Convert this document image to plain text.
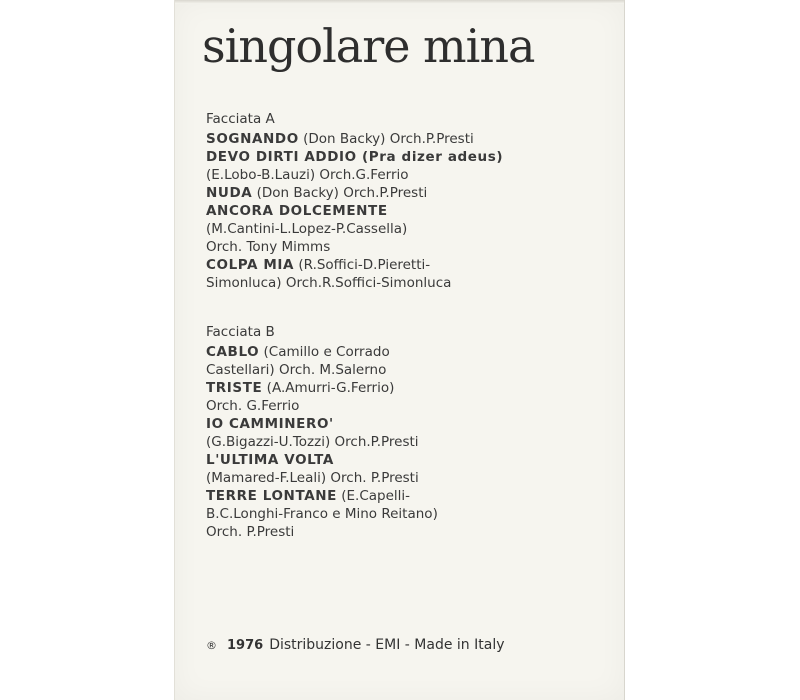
singolare mina
Facciata A
SOGNANDO (Don Backy) Orch.P.Presti
DEVO DIRTI ADDIO (Pra dizer adeus)
(E.Lobo-B.Lauzi) Orch.G.Ferrio
NUDA (Don Backy) Orch.P.Presti
ANCORA DOLCEMENTE
(M.Cantini-L.Lopez-P.Cassella)
Orch. Tony Mimms
COLPA MIA (R.Soffici-D.Pieretti-
Simonluca) Orch.R.Soffici-Simonluca
Facciata B
CABLO (Camillo e Corrado
Castellari) Orch. M.Salerno
TRISTE (A.Amurri-G.Ferrio)
Orch. G.Ferrio
IO CAMMINERO'
(G.Bigazzi-U.Tozzi) Orch.P.Presti
L'ULTIMA VOLTA
(Mamared-F.Leali) Orch. P.Presti
TERRE LONTANE (E.Capelli-
B.C.Longhi-Franco e Mino Reitano)
Orch. P.Presti
® 1976 Distribuzione - EMI - Made in Italy
